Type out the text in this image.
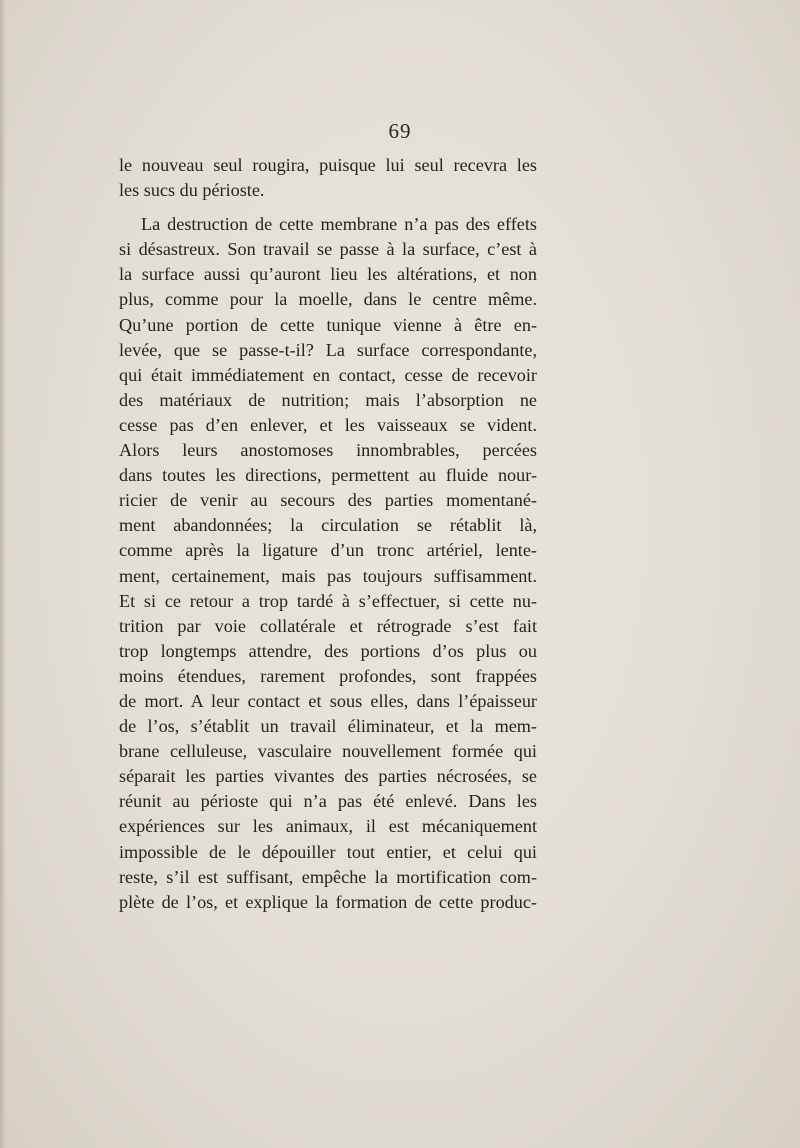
69
le nouveau seul rougira, puisque lui seul recevra les
les sucs du périoste.
La destruction de cette membrane n’a pas des effets
si désastreux. Son travail se passe à la surface, c’est à
la surface aussi qu’auront lieu les altérations, et non
plus, comme pour la moelle, dans le centre même.
Qu’une portion de cette tunique vienne à être en-
levée, que se passe-t-il? La surface correspondante,
qui était immédiatement en contact, cesse de recevoir
des matériaux de nutrition; mais l’absorption ne
cesse pas d’en enlever, et les vaisseaux se vident.
Alors leurs anostomoses innombrables, percées
dans toutes les directions, permettent au fluide nour-
ricier de venir au secours des parties momentané-
ment abandonnées; la circulation se rétablit là,
comme après la ligature d’un tronc artériel, lente-
ment, certainement, mais pas toujours suffisamment.
Et si ce retour a trop tardé à s’effectuer, si cette nu-
trition par voie collatérale et rétrograde s’est fait
trop longtemps attendre, des portions d’os plus ou
moins étendues, rarement profondes, sont frappées
de mort. A leur contact et sous elles, dans l’épaisseur
de l’os, s’établit un travail éliminateur, et la mem-
brane celluleuse, vasculaire nouvellement formée qui
séparait les parties vivantes des parties nécrosées, se
réunit au périoste qui n’a pas été enlevé. Dans les
expériences sur les animaux, il est mécaniquement
impossible de le dépouiller tout entier, et celui qui
reste, s’il est suffisant, empêche la mortification com-
plète de l’os, et explique la formation de cette produc-
